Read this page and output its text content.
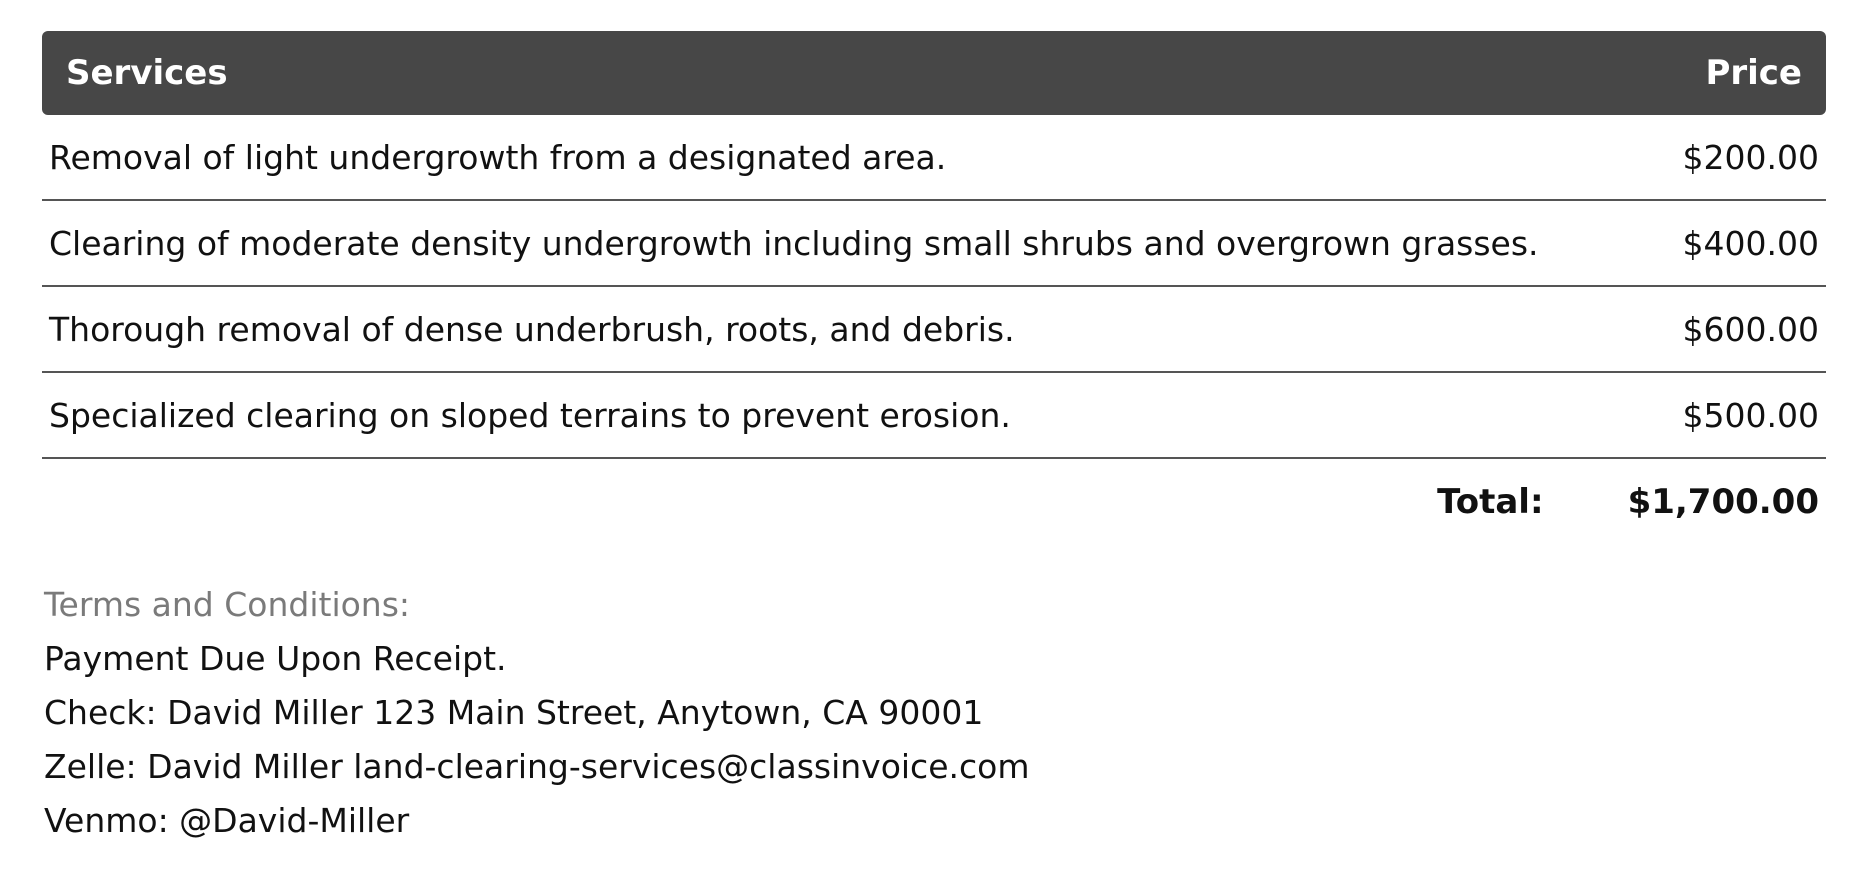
Services	Price
Removal of light undergrowth from a designated area.	$200.00
Clearing of moderate density undergrowth including small shrubs and overgrown grasses.	$400.00
Thorough removal of dense underbrush, roots, and debris.	$600.00
Specialized clearing on sloped terrains to prevent erosion.	$500.00
Total: $1,700.00
Terms and Conditions:
Payment Due Upon Receipt.
Check: David Miller 123 Main Street, Anytown, CA 90001
Zelle: David Miller land-clearing-services@classinvoice.com
Venmo: @David-Miller
